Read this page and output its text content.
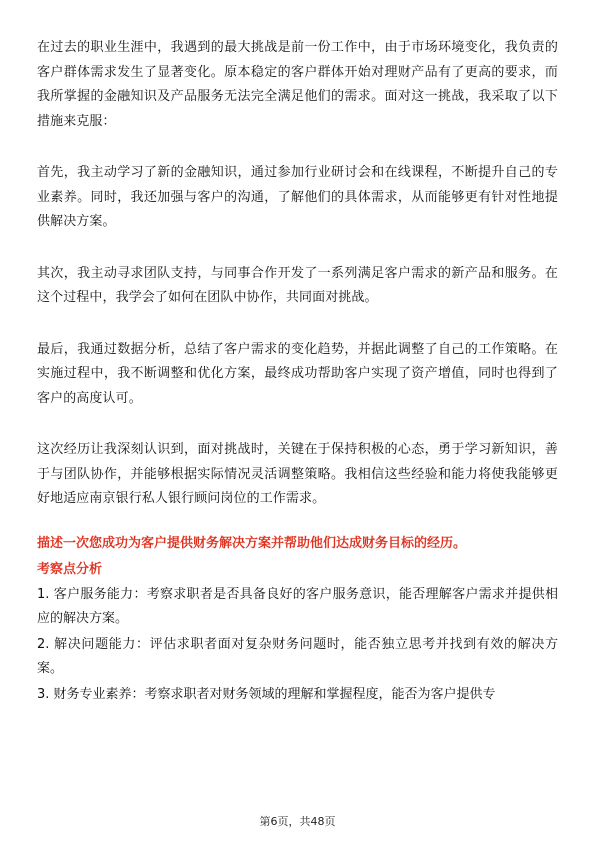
在过去的职业生涯中，我遇到的最大挑战是前一份工作中，由于市场环境变化，我负责的客户群体需求发生了显著变化。原本稳定的客户群体开始对理财产品有了更高的要求，而我所掌握的金融知识及产品服务无法完全满足他们的需求。面对这一挑战，我采取了以下措施来克服：

首先，我主动学习了新的金融知识，通过参加行业研讨会和在线课程，不断提升自己的专业素养。同时，我还加强与客户的沟通，了解他们的具体需求，从而能够更有针对性地提供解决方案。

其次，我主动寻求团队支持，与同事合作开发了一系列满足客户需求的新产品和服务。在这个过程中，我学会了如何在团队中协作，共同面对挑战。

最后，我通过数据分析，总结了客户需求的变化趋势，并据此调整了自己的工作策略。在实施过程中，我不断调整和优化方案，最终成功帮助客户实现了资产增值，同时也得到了客户的高度认可。

这次经历让我深刻认识到，面对挑战时，关键在于保持积极的心态，勇于学习新知识，善于与团队协作，并能够根据实际情况灵活调整策略。我相信这些经验和能力将使我能够更好地适应南京银行私人银行顾问岗位的工作需求。

描述一次您成功为客户提供财务解决方案并帮助他们达成财务目标的经历。
考察点分析
1. 客户服务能力：考察求职者是否具备良好的客户服务意识，能否理解客户需求并提供相应的解决方案。
2. 解决问题能力：评估求职者面对复杂财务问题时，能否独立思考并找到有效的解决方案。
3. 财务专业素养：考察求职者对财务领域的理解和掌握程度，能否为客户提供专
第6页，共48页
